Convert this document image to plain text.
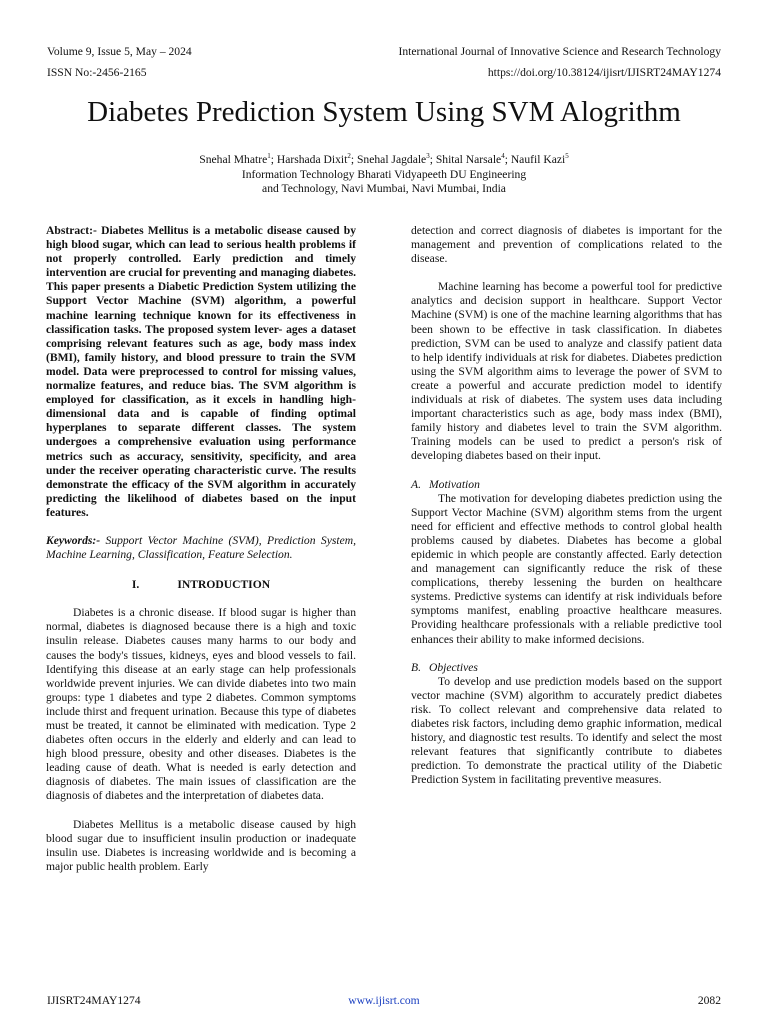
Volume 9, Issue 5, May – 2024	International Journal of Innovative Science and Research Technology
ISSN No:-2456-2165	https://doi.org/10.38124/ijisrt/IJISRT24MAY1274
Diabetes Prediction System Using SVM Alogrithm
Snehal Mhatre$^1$; Harshada Dixit$^2$; Snehal Jagdale$^3$; Shital Narsale$^4$; Naufil Kazi$^5$
Information Technology Bharati Vidyapeeth DU Engineering
and Technology, Navi Mumbai, Navi Mumbai, India

Abstract:- Diabetes Mellitus is a metabolic disease caused by high blood sugar, which can lead to serious health problems if not properly controlled. Early prediction and timely intervention are crucial for preventing and managing diabetes. This paper presents a Diabetic Prediction System utilizing the Support Vector Machine (SVM) algorithm, a powerful machine learning technique known for its effectiveness in classification tasks. The proposed system lever- ages a dataset comprising relevant features such as age, body mass index (BMI), family history, and blood pressure to train the SVM model. Data were preprocessed to control for missing values, normalize features, and reduce bias. The SVM algorithm is employed for classification, as it excels in handling high-dimensional data and is capable of finding optimal hyperplanes to separate different classes. The system undergoes a comprehensive evaluation using performance metrics such as accuracy, sensitivity, specificity, and area under the receiver operating characteristic curve. The results demonstrate the efficacy of the SVM algorithm in accurately predicting the likelihood of diabetes based on the input features.

Keywords:- Support Vector Machine (SVM), Prediction System, Machine Learning, Classification, Feature Selection.

I.	INTRODUCTION

Diabetes is a chronic disease. If blood sugar is higher than normal, diabetes is diagnosed because there is a high and toxic insulin release. Diabetes causes many harms to our body and causes the body's tissues, kidneys, eyes and blood vessels to fail. Identifying this disease at an early stage can help professionals worldwide prevent injuries. We can divide diabetes into two main groups: type 1 diabetes and type 2 diabetes. Common symptoms include thirst and frequent urination. Because this type of diabetes must be treated, it cannot be eliminated with medication. Type 2 diabetes often occurs in the elderly and elderly and can lead to high blood pressure, obesity and other diseases. Diabetes is the leading cause of death. What is needed is early detection and diagnosis of diabetes. The main issues of classification are the diagnosis of diabetes and the interpretation of diabetes data.

Diabetes Mellitus is a metabolic disease caused by high blood sugar due to insufficient insulin production or inadequate insulin use. Diabetes is increasing worldwide and is becoming a major public health problem. Early

detection and correct diagnosis of diabetes is important for the management and prevention of complications related to the disease.

Machine learning has become a powerful tool for predictive analytics and decision support in healthcare. Support Vector Machine (SVM) is one of the machine learning algorithms that has been shown to be effective in task classification. In diabetes prediction, SVM can be used to analyze and classify patient data to help identify individuals at risk for diabetes. Diabetes prediction using the SVM algorithm aims to leverage the power of SVM to create a powerful and accurate prediction model to identify individuals at risk of diabetes. The system uses data including important characteristics such as age, body mass index (BMI), family history and diabetes level to train the SVM algorithm. Training models can be used to predict a person's risk of developing diabetes based on their input.

A. Motivation

The motivation for developing diabetes prediction using the Support Vector Machine (SVM) algorithm stems from the urgent need for efficient and effective methods to control global health problems caused by diabetes. Diabetes has become a global epidemic in which people are constantly affected. Early detection and management can significantly reduce the risk of these complications, thereby lessening the burden on healthcare systems. Predictive systems can identify at risk individuals before symptoms manifest, enabling proactive healthcare measures. Providing healthcare professionals with a reliable predictive tool enhances their ability to make informed decisions.

B. Objectives

To develop and use prediction models based on the support vector machine (SVM) algorithm to accurately predict diabetes risk. To collect relevant and comprehensive data related to diabetes risk factors, including demo graphic information, medical history, and diagnostic test results. To identify and select the most relevant features that significantly contribute to diabetes prediction. To demonstrate the practical utility of the Diabetic Prediction System in facilitating preventive measures.

IJISRT24MAY1274	www.ijisrt.com	2082
